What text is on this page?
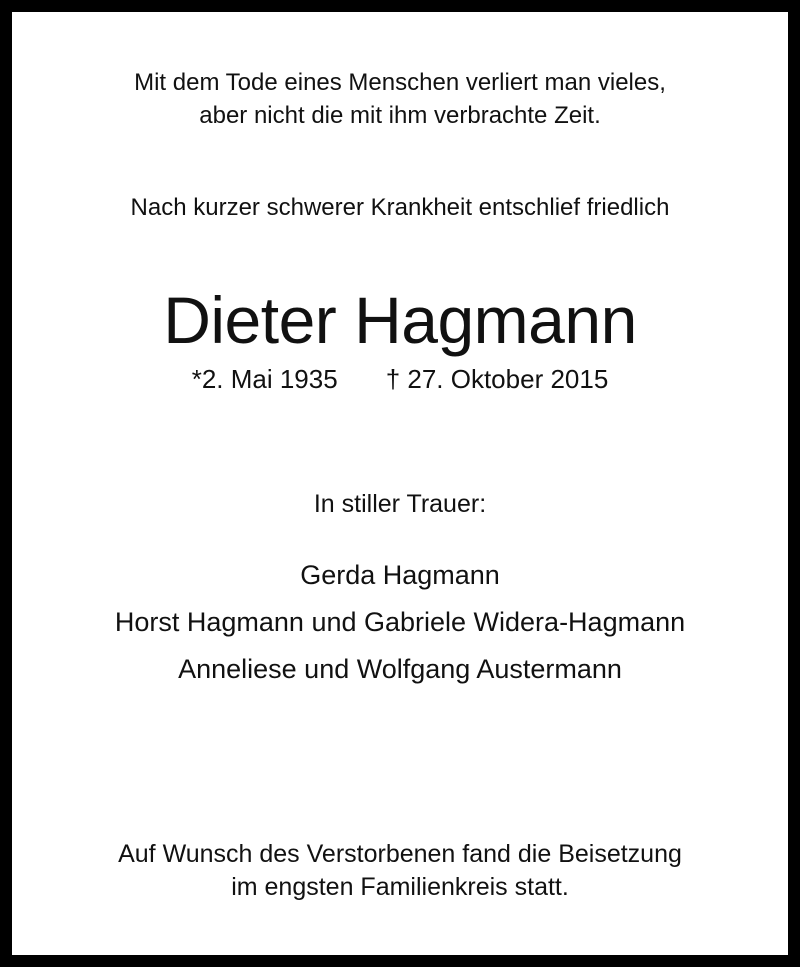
Mit dem Tode eines Menschen verliert man vieles,
aber nicht die mit ihm verbrachte Zeit.
Nach kurzer schwerer Krankheit entschlief friedlich
Dieter Hagmann
*2. Mai 1935 † 27. Oktober 2015
In stiller Trauer:
Gerda Hagmann
Horst Hagmann und Gabriele Widera-Hagmann
Anneliese und Wolfgang Austermann
Auf Wunsch des Verstorbenen fand die Beisetzung
im engsten Familienkreis statt.
